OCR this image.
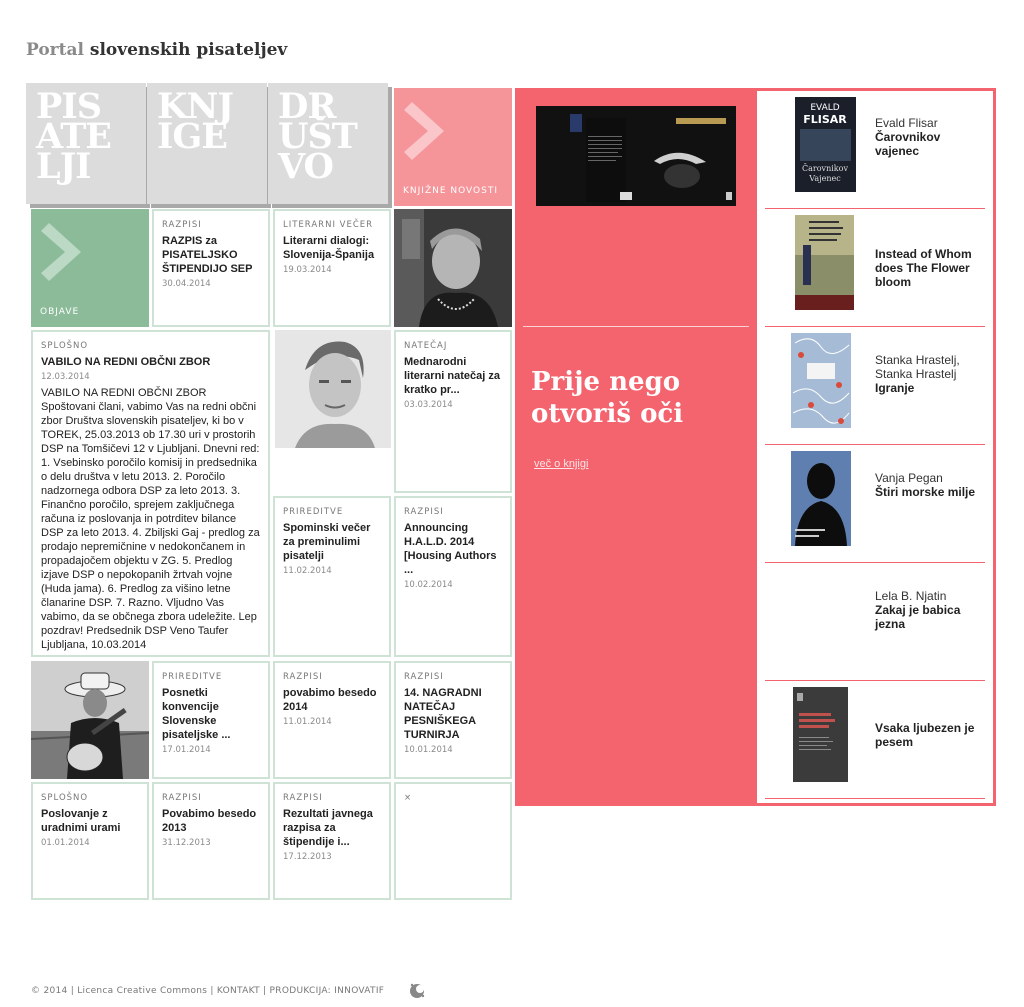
Portal slovenskih pisateljev
PIS
ATE
LJI
KNJ
IGE
DR
UŠT
VO
KNJIŽNE NOVOSTI
OBJAVE
RAZPISI
RAZPIS za PISATELJSKO ŠTIPENDIJO SEP
30.04.2014
LITERARNI VEČER
Literarni dialogi: Slovenija-Španija
19.03.2014
SPLOŠNO
VABILO NA REDNI OBČNI ZBOR
12.03.2014
VABILO NA REDNI OBČNI ZBOR Spoštovani člani, vabimo Vas na redni občni zbor Društva slovenskih pisateljev, ki bo v TOREK, 25.03.2013 ob 17.30 uri v prostorih DSP na Tomšičevi 12 v Ljubljani. Dnevni red: 1. Vsebinsko poročilo komisij in predsednika o delu društva v letu 2013. 2. Poročilo nadzornega odbora DSP za leto 2013. 3. Finančno poročilo, sprejem zaključnega računa iz poslovanja in potrditev bilance DSP za leto 2013. 4. Zbiljski Gaj - predlog za prodajo nepremičnine v nedokončanem in propadajočem objektu v ZG. 5. Predlog izjave DSP o nepokopanih žrtvah vojne (Huda jama). 6. Predlog za višino letne članarine DSP. 7. Razno. Vljudno Vas vabimo, da se občnega zbora udeležite. Lep pozdrav! Predsednik DSP Veno Taufer Ljubljana, 10.03.2014
NATEČAJ
Mednarodni literarni natečaj za kratko pr...
03.03.2014
PRIREDITVE
Spominski večer za preminulimi pisatelji
11.02.2014
RAZPISI
Announcing H.A.L.D. 2014 [Housing Authors ...
10.02.2014
PRIREDITVE
Posnetki konvencije Slovenske pisateljske ...
17.01.2014
RAZPISI
povabimo besedo 2014
11.01.2014
RAZPISI
14. NAGRADNI NATEČAJ PESNIŠKEGA TURNIRJA
10.01.2014
SPLOŠNO
Poslovanje z uradnimi urami
01.01.2014
RAZPISI
Povabimo besedo 2013
31.12.2013
RAZPISI
Rezultati javnega razpisa za štipendije i...
17.12.2013
×
Prije nego
otvoriš oči
več o knjigi
EVALD
FLISAR
Čarovnikov
Vajenec
Evald Flisar
Čarovnikov vajenec
Instead of Whom does The Flower bloom
Stanka Hrastelj, Stanka Hrastelj
Igranje
Vanja Pegan
Štiri morske milje
Lela B. Njatin
Zakaj je babica jezna
Vsaka ljubezen je pesem
© 2014 | Licenca Creative Commons | KONTAKT | PRODUKCIJA: INNOVATIF
